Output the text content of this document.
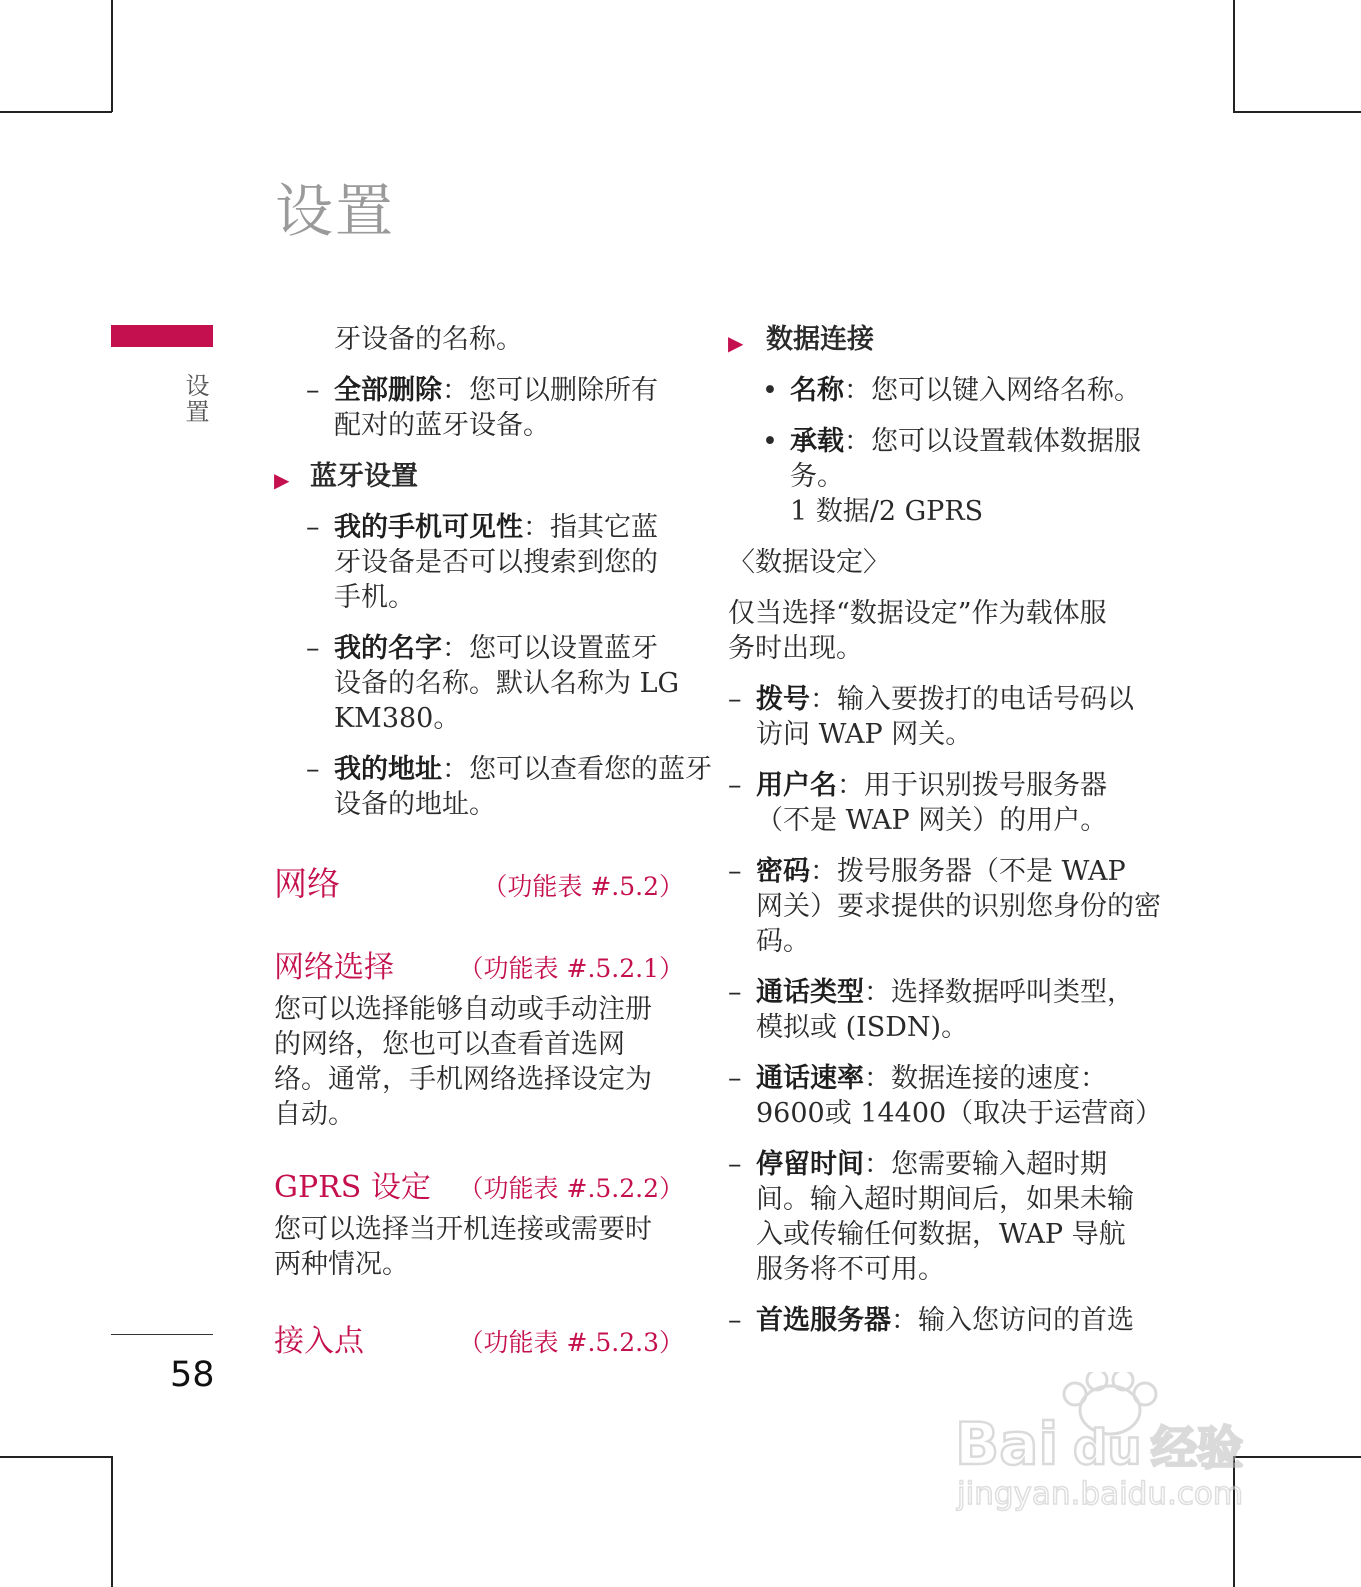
设置
设置

牙设备的名称。

– 全部删除：您可以删除所有配对的蓝牙设备。

▶ 蓝牙设置

– 我的手机可见性：指其它蓝牙设备是否可以搜索到您的手机。

– 我的名字：您可以设置蓝牙设备的名称。默认名称为 LG KM380。

– 我的地址：您可以查看您的蓝牙设备的地址。

网络	（功能表 #.5.2）
网络选择	（功能表 #.5.2.1）

您可以选择能够自动或手动注册的网络，您也可以查看首选网络。通常，手机网络选择设定为自动。

GPRS 设定 （功能表 #.5.2.2）

您可以选择当开机连接或需要时两种情况。

接入点	（功能表 #.5.2.3）
▶ 数据连接

• 名称：您可以键入网络名称。

• 承载：您可以设置载体数据服务。

1 数据/2 GPRS

〈数据设定〉

仅当选择“数据设定”作为载体服务时出现。

– 拨号：输入要拨打的电话号码以访问 WAP 网关。

– 用户名：用于识别拨号服务器（不是 WAP 网关）的用户。

– 密码：拨号服务器（不是 WAP 网关）要求提供的识别您身份的密码。

– 通话类型：选择数据呼叫类型，模拟或 (ISDN)。

– 通话速率：数据连接的速度：9600或 14400（取决于运营商）

– 停留时间：您需要输入超时期间。输入超时期间后，如果未输入或传输任何数据，WAP 导航服务将不可用。

– 首选服务器：输入您访问的首选

58
Bai du 经验
jingyan.baidu.com
